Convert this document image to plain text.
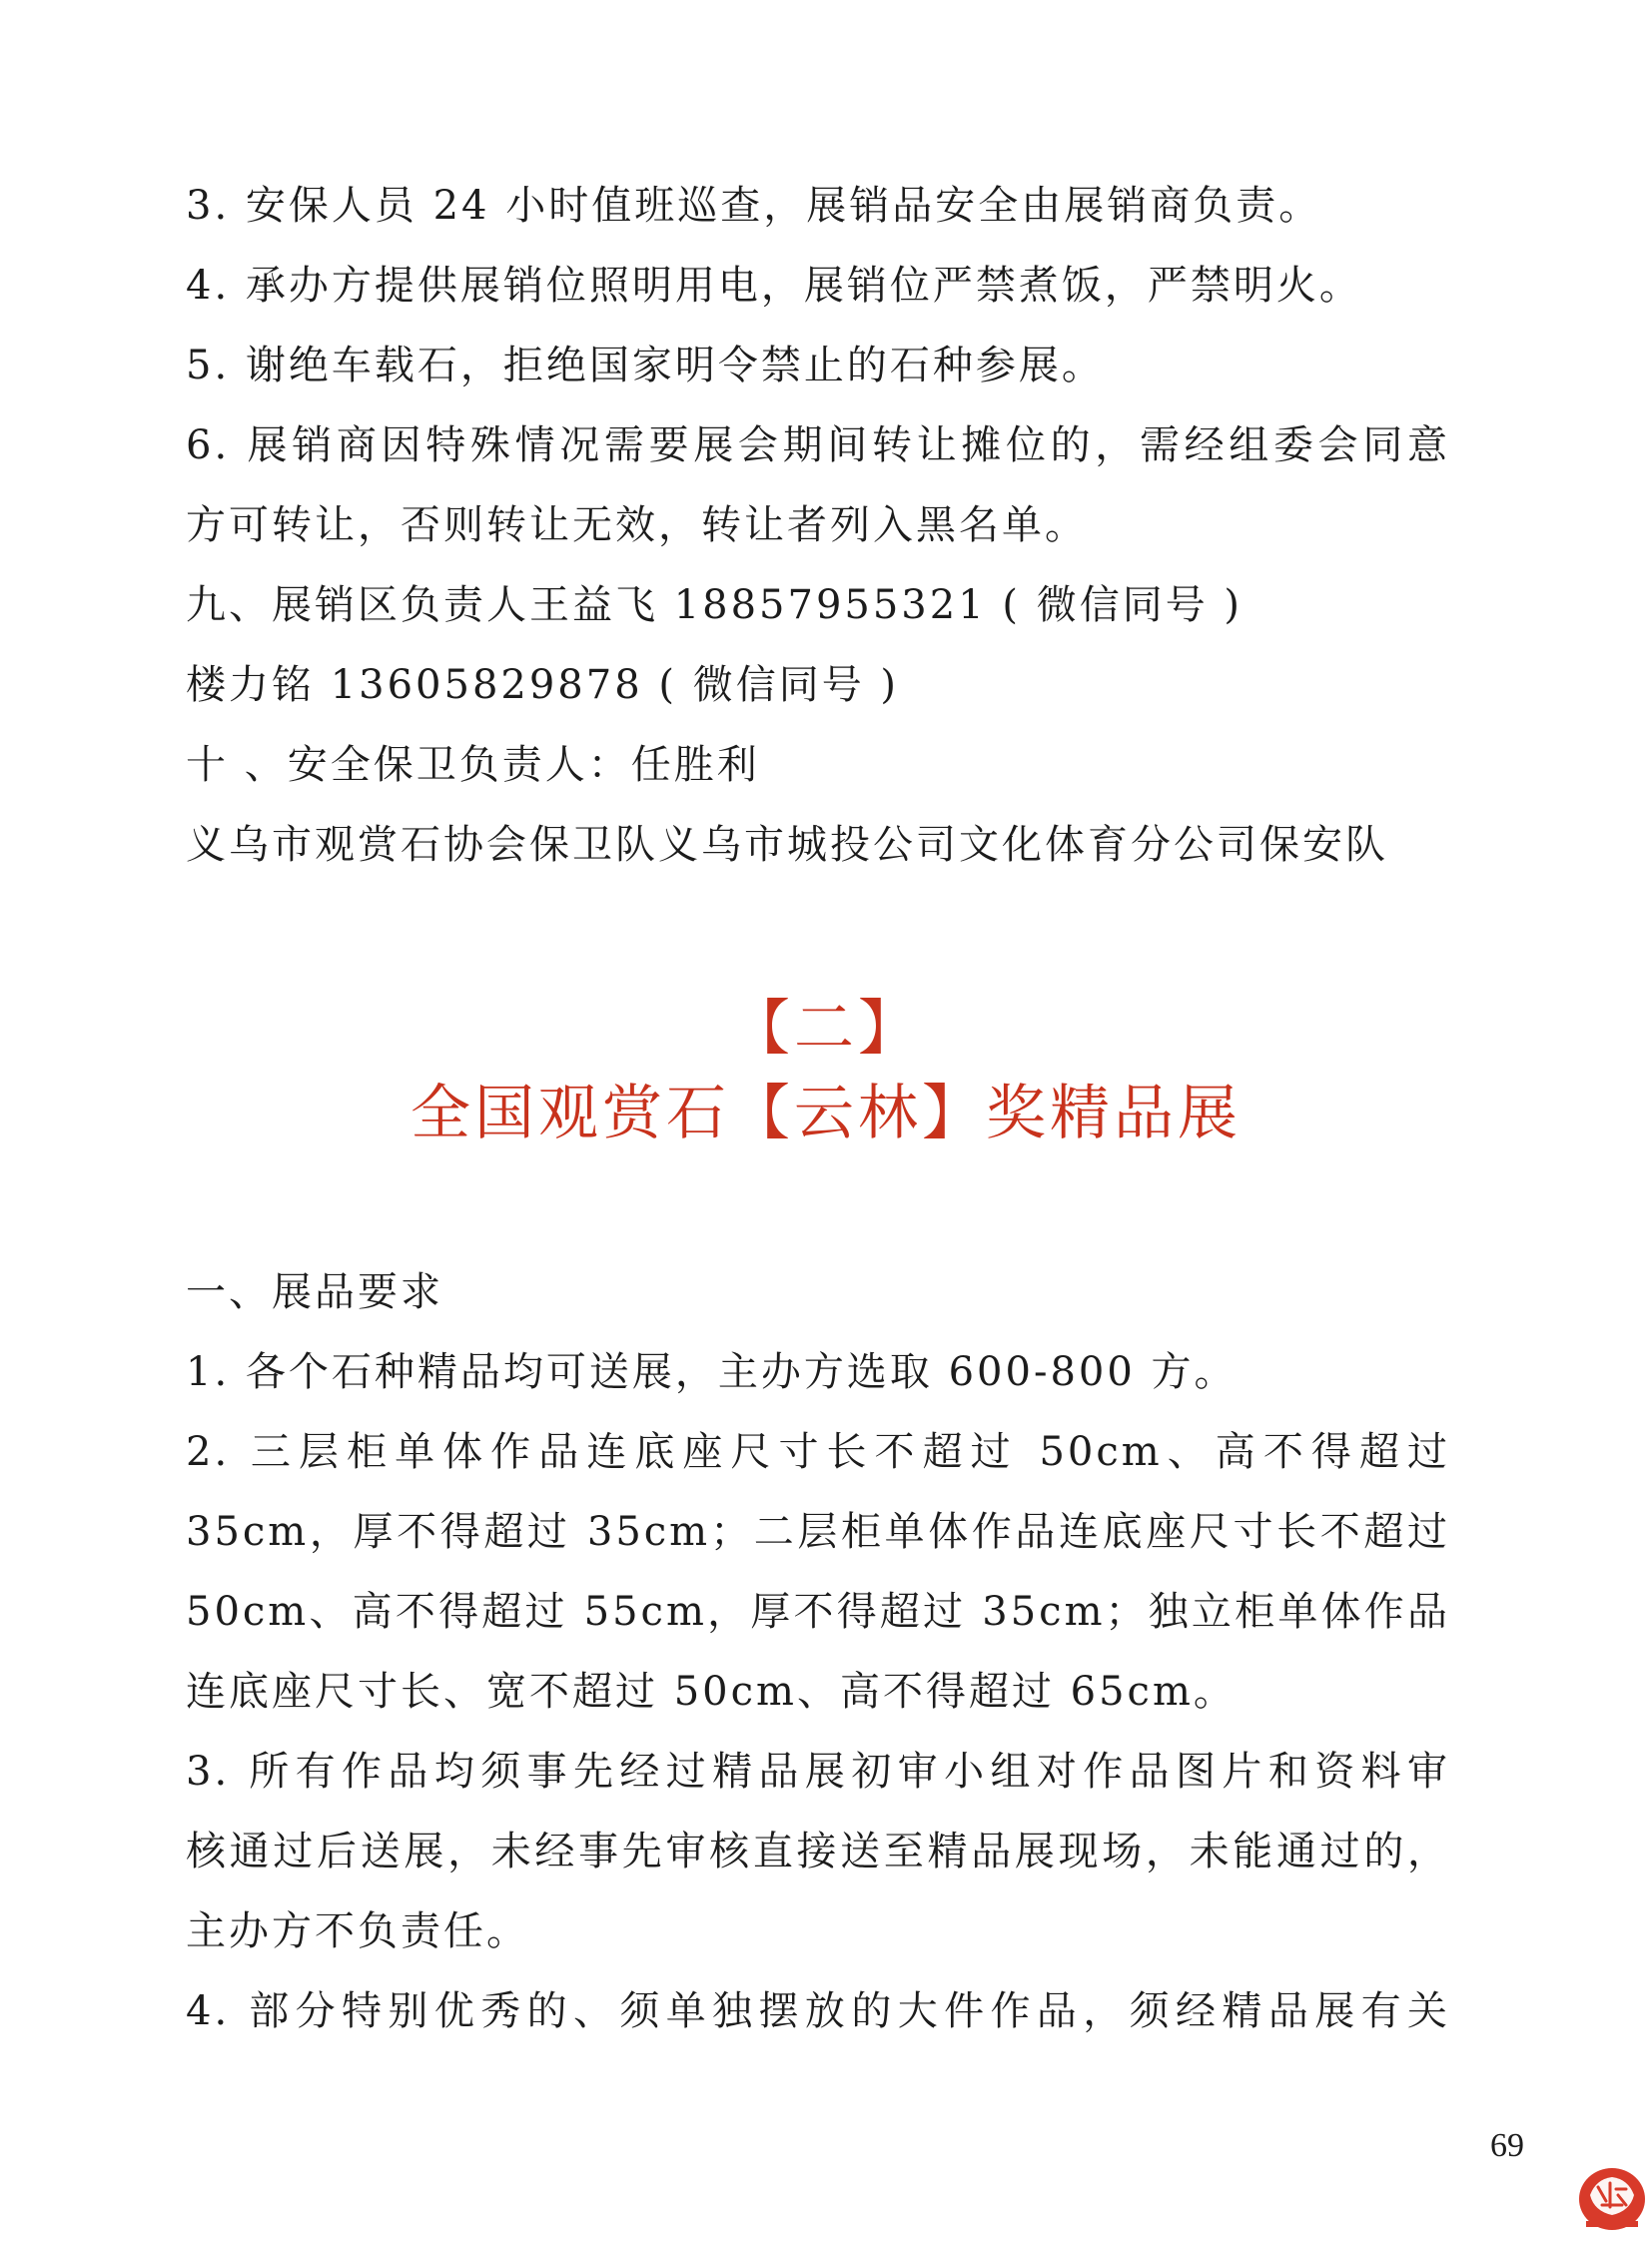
3. 安保人员 24 小时值班巡查，展销品安全由展销商负责。
4. 承办方提供展销位照明用电，展销位严禁煮饭，严禁明火。
5. 谢绝车载石，拒绝国家明令禁止的石种参展。
6. 展销商因特殊情况需要展会期间转让摊位的，需经组委会同意
方可转让，否则转让无效，转让者列入黑名单。
九、展销区负责人王益飞 18857955321 ( 微信同号 )
楼力铭 13605829878 ( 微信同号 )
十 、安全保卫负责人：任胜利
义乌市观赏石协会保卫队义乌市城投公司文化体育分公司保安队
【二】
全国观赏石【云林】奖精品展
一、展品要求
1. 各个石种精品均可送展，主办方选取 600-800 方。
2. 三层柜单体作品连底座尺寸长不超过 50cm、高不得超过
35cm，厚不得超过 35cm；二层柜单体作品连底座尺寸长不超过
50cm、高不得超过 55cm，厚不得超过 35cm；独立柜单体作品
连底座尺寸长、宽不超过 50cm、高不得超过 65cm。
3. 所有作品均须事先经过精品展初审小组对作品图片和资料审
核通过后送展，未经事先审核直接送至精品展现场，未能通过的，
主办方不负责任。
4. 部分特别优秀的、须单独摆放的大件作品，须经精品展有关
69
